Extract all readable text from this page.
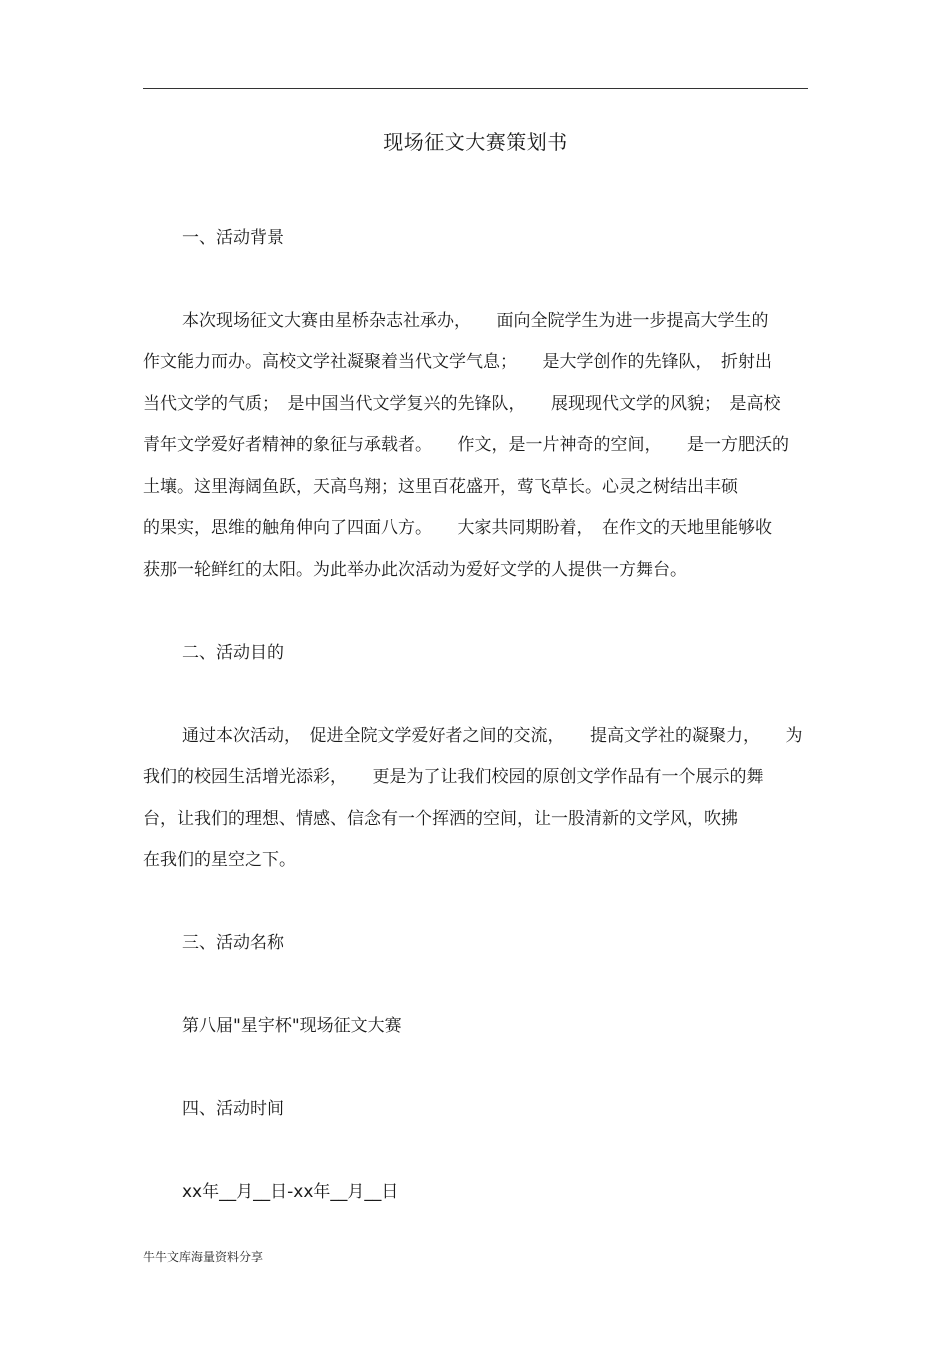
现场征文大赛策划书
一、活动背景
本次现场征文大赛由星桥杂志社承办，　　面向全院学生为进一步提高大学生的
作文能力而办。高校文学社凝聚着当代文学气息；　　是大学创作的先锋队，　折射出
当代文学的气质；　是中国当代文学复兴的先锋队，　　展现现代文学的风貌；　是高校
青年文学爱好者精神的象征与承载者。　　作文，是一片神奇的空间，　　是一方肥沃的
土壤。这里海阔鱼跃，天高鸟翔；这里百花盛开，莺飞草长。心灵之树结出丰硕
的果实，思维的触角伸向了四面八方。　　大家共同期盼着，　在作文的天地里能够收
获那一轮鲜红的太阳。为此举办此次活动为爱好文学的人提供一方舞台。
二、活动目的
通过本次活动，　促进全院文学爱好者之间的交流，　　提高文学社的凝聚力，　　为
我们的校园生活增光添彩，　　更是为了让我们校园的原创文学作品有一个展示的舞
台，让我们的理想、情感、信念有一个挥洒的空间，让一股清新的文学风，吹拂
在我们的星空之下。
三、活动名称
第八届"星宇杯"现场征文大赛
四、活动时间
xx年__月__日-xx年__月__日
牛牛文库海量资料分享
